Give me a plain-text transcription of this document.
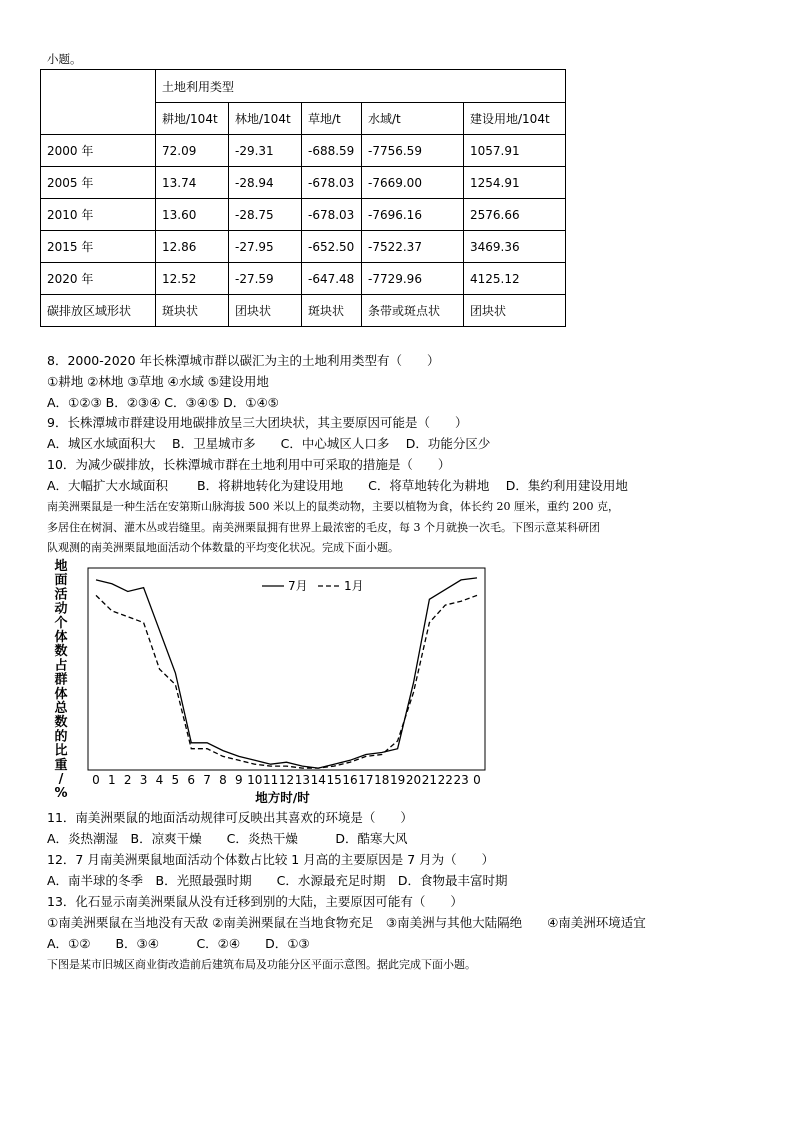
小题。
	土地利用类型				
	耕地/104t	林地/104t	草地/t	水域/t	建设用地/104t
2000 年	72.09	-29.31	-688.59	-7756.59	1057.91
2005 年	13.74	-28.94	-678.03	-7669.00	1254.91
2010 年	13.60	-28.75	-678.03	-7696.16	2576.66
2015 年	12.86	-27.95	-652.50	-7522.37	3469.36
2020 年	12.52	-27.59	-647.48	-7729.96	4125.12
碳排放区域形状	斑块状	团块状	斑块状	条带或斑点状	团块状
8．2000-2020 年长株潭城市群以碳汇为主的土地利用类型有（　　）
①耕地 ②林地 ③草地 ④水域 ⑤建设用地
A．①②③ B．②③④ C．③④⑤ D．①④⑤
9．长株潭城市群建设用地碳排放呈三大团块状，其主要原因可能是（　　）
A．城区水域面积大　 B．卫星城市多　　C．中心城区人口多　 D．功能分区少
10．为减少碳排放，长株潭城市群在土地利用中可采取的措施是（　　）
A．大幅扩大水域面积　　 B．将耕地转化为建设用地　　C．将草地转化为耕地　 D．集约利用建设用地
南美洲栗鼠是一种生活在安第斯山脉海拔 500 米以上的鼠类动物，主要以植物为食，体长约 20 厘米，重约 200 克，
多居住在树洞、灌木丛或岩缝里。南美洲栗鼠拥有世界上最浓密的毛皮，每 3 个月就换一次毛。下图示意某科研团
队观测的南美洲栗鼠地面活动个体数量的平均变化状况。完成下面小题。
地
面
活
动
个
体
数
占
群
体
总
数
的
比
重
/
%
0 1 2 3 4 5 6 7 8 9 10 11 12 13 14 15 16 17 18 19 20 21 22 23 0
地方时/时
7月	1月
11．南美洲栗鼠的地面活动规律可反映出其喜欢的环境是（　　）
A．炎热潮湿　B．凉爽干燥　　C．炎热干燥　　　D．酷寒大风
12．7 月南美洲栗鼠地面活动个体数占比较 1 月高的主要原因是 7 月为（　　）
A．南半球的冬季　B．光照最强时期　　C．水源最充足时期　D．食物最丰富时期
13．化石显示南美洲栗鼠从没有迁移到别的大陆，主要原因可能有（　　）
①南美洲栗鼠在当地没有天敌 ②南美洲栗鼠在当地食物充足　③南美洲与其他大陆隔绝　　④南美洲环境适宜
A．①②　　B．③④　　　C．②④　　D．①③
下图是某市旧城区商业街改造前后建筑布局及功能分区平面示意图。据此完成下面小题。
